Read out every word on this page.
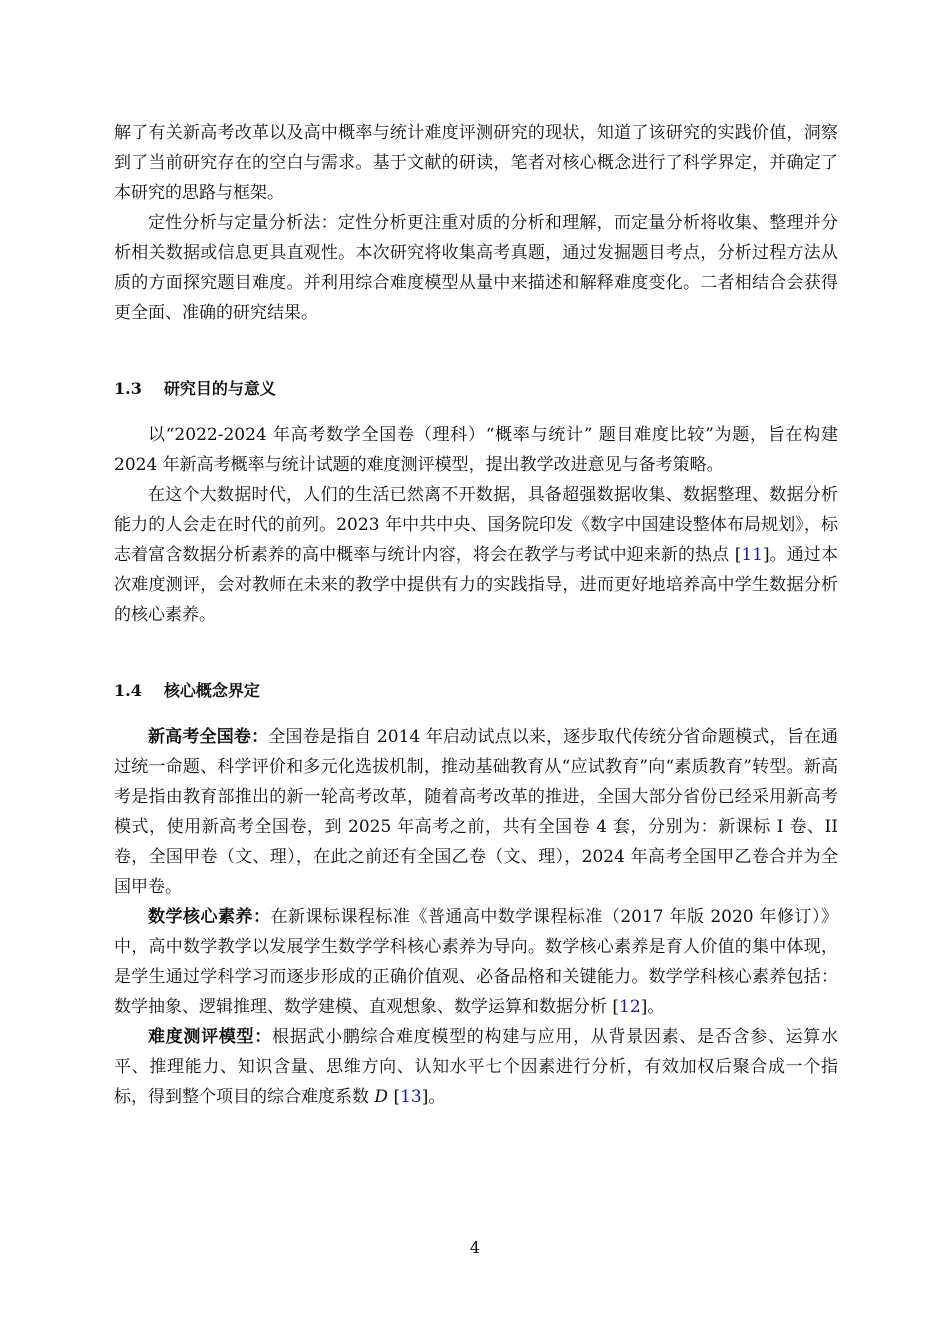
解了有关新高考改革以及高中概率与统计难度评测研究的现状，知道了该研究的实践价值，洞察到了当前研究存在的空白与需求。基于文献的研读，笔者对核心概念进行了科学界定，并确定了本研究的思路与框架。

定性分析与定量分析法：定性分析更注重对质的分析和理解，而定量分析将收集、整理并分析相关数据或信息更具直观性。本次研究将收集高考真题，通过发掘题目考点，分析过程方法从质的方面探究题目难度。并利用综合难度模型从量中来描述和解释难度变化。二者相结合会获得更全面、准确的研究结果。

1.3 研究目的与意义

以“2022-2024 年高考数学全国卷（理科）“概率与统计” 题目难度比较”为题，旨在构建 2024 年新高考概率与统计试题的难度测评模型，提出教学改进意见与备考策略。

在这个大数据时代，人们的生活已然离不开数据，具备超强数据收集、数据整理、数据分析能力的人会走在时代的前列。2023 年中共中央、国务院印发《数字中国建设整体布局规划》，标志着富含数据分析素养的高中概率与统计内容，将会在教学与考试中迎来新的热点 [11]。通过本次难度测评，会对教师在未来的教学中提供有力的实践指导，进而更好地培养高中学生数据分析的核心素养。

1.4 核心概念界定

新高考全国卷：全国卷是指自 2014 年启动试点以来，逐步取代传统分省命题模式，旨在通过统一命题、科学评价和多元化选拔机制，推动基础教育从“应试教育”向“素质教育”转型。新高考是指由教育部推出的新一轮高考改革，随着高考改革的推进，全国大部分省份已经采用新高考模式，使用新高考全国卷，到 2025 年高考之前，共有全国卷 4 套，分别为：新课标 I 卷、II 卷，全国甲卷（文、理），在此之前还有全国乙卷（文、理），2024 年高考全国甲乙卷合并为全国甲卷。

数学核心素养：在新课标课程标准《普通高中数学课程标准（2017 年版 2020 年修订）》中，高中数学教学以发展学生数学学科核心素养为导向。数学核心素养是育人价值的集中体现，是学生通过学科学习而逐步形成的正确价值观、必备品格和关键能力。数学学科核心素养包括：数学抽象、逻辑推理、数学建模、直观想象、数学运算和数据分析 [12]。

难度测评模型：根据武小鹏综合难度模型的构建与应用，从背景因素、是否含参、运算水平、推理能力、知识含量、思维方向、认知水平七个因素进行分析，有效加权后聚合成一个指标，得到整个项目的综合难度系数 D [13]。

4
